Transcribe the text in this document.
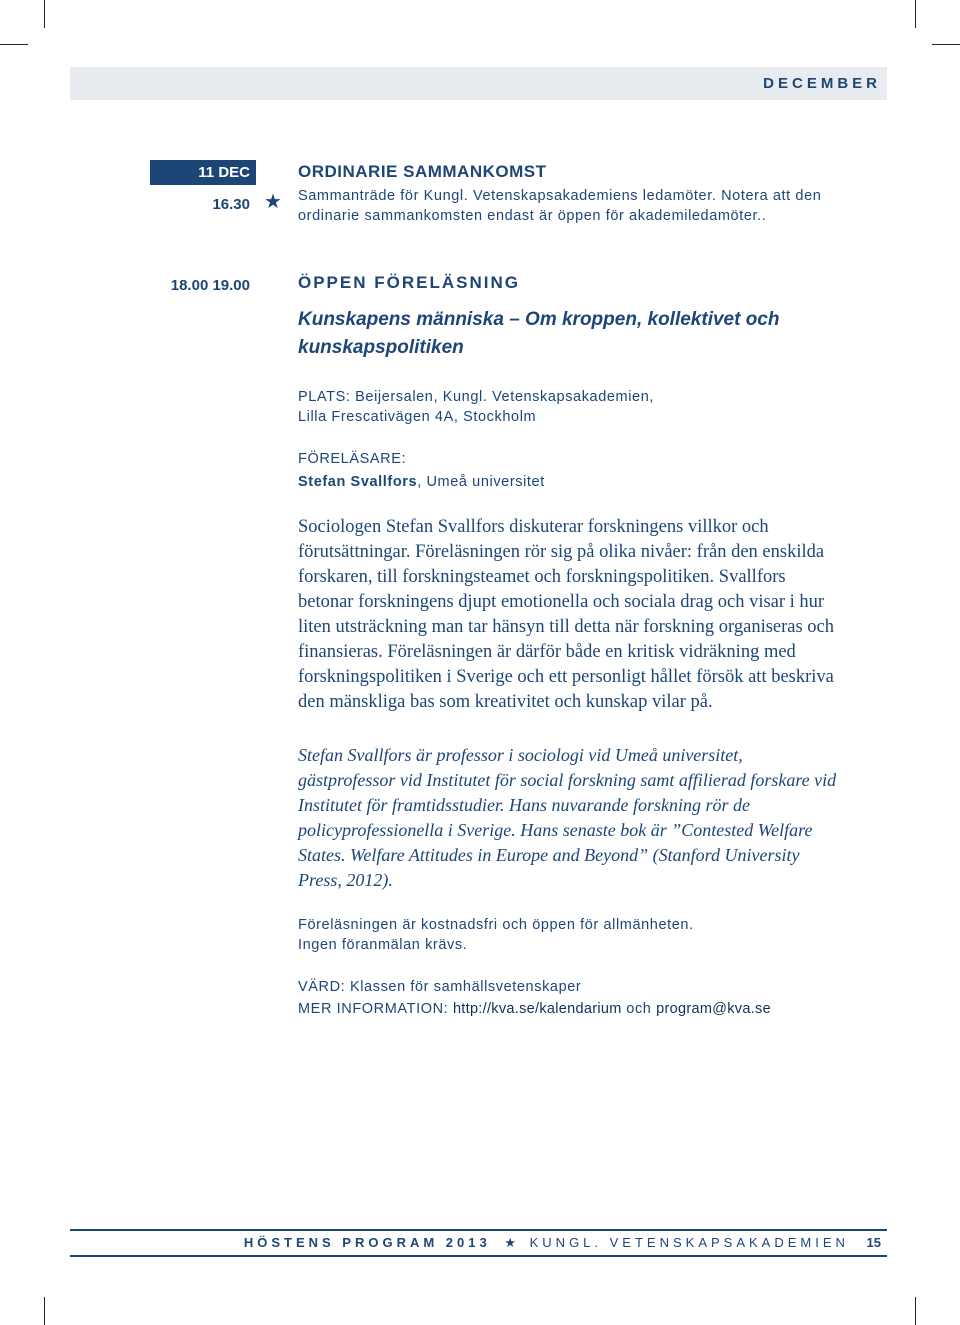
DECEMBER
11 DEC
16.30 ★
18.00 19.00
ORDINARIE SAMMANKOMST
Sammanträde för Kungl. Vetenskapsakademiens ledamöter. Notera att den ordinarie sammankomsten endast är öppen för akademiledamöter..
ÖPPEN FÖRELÄSNING
Kunskapens människa – Om kroppen, kollektivet och kunskapspolitiken
PLATS: Beijersalen, Kungl. Vetenskapsakademien,
Lilla Frescativägen 4A, Stockholm
FÖRELÄSARE:
Stefan Svallfors, Umeå universitet
Sociologen Stefan Svallfors diskuterar forskningens villkor och förutsättningar. Föreläsningen rör sig på olika nivåer: från den enskilda forskaren, till forskningsteamet och forskningspolitiken. Svallfors betonar forskningens djupt emotionella och sociala drag och visar i hur liten utsträckning man tar hänsyn till detta när forskning organiseras och finansieras. Föreläsningen är därför både en kritisk vidräkning med forskningspolitiken i Sverige och ett personligt hållet försök att beskriva den mänskliga bas som kreativitet och kunskap vilar på.
Stefan Svallfors är professor i sociologi vid Umeå universitet, gästprofessor vid Institutet för social forskning samt affilierad forskare vid Institutet för framtidsstudier. Hans nuvarande forskning rör de policyprofessionella i Sverige. Hans senaste bok är ”Contested Welfare States. Welfare Attitudes in Europe and Beyond” (Stanford University Press, 2012).
Föreläsningen är kostnadsfri och öppen för allmänheten.
Ingen föranmälan krävs.
VÄRD: Klassen för samhällsvetenskaper
MER INFORMATION: http://kva.se/kalendarium och program@kva.se
HÖSTENS PROGRAM 2013 ★ KUNGL. VETENSKAPSAKADEMIEN 15
